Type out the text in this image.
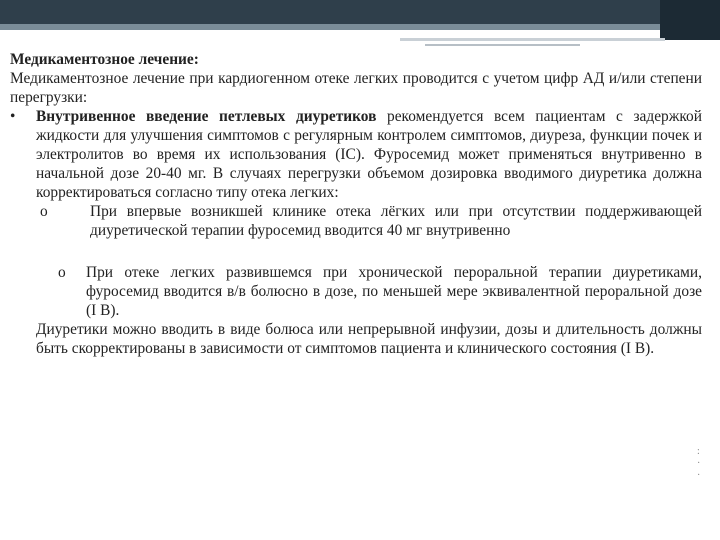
Медикаментозное лечение:

Медикаментозное лечение при кардиогенном отеке легких проводится с учетом цифр АД и/или степени перегрузки:

•	Внутривенное введение петлевых диуретиков рекомендуется всем пациентам с задержкой жидкости для улучшения симптомов с регулярным контролем симптомов, диуреза, функции почек и электролитов во время их использования (IC). Фуросемид может применяться внутривенно в начальной дозе 20-40 мг. В случаях перегрузки объемом дозировка вводимого диуретика должна корректироваться согласно типу отека легких:

o	При впервые возникшей клинике отека лёгких или при отсутствии поддерживающей диуретической терапии фуросемид вводится 40 мг внутривенно

o	При отеке легких развившемся при хронической пероральной терапии диуретиками, фуросемид вводится в/в болюсно в дозе, по меньшей мере эквивалентной пероральной дозе (I B).

Диуретики можно вводить в виде болюса или непрерывной инфузии, дозы и длительность должны быть скорректированы в зависимости от симптомов пациента и клинического состояния (I B).

:
·
·
